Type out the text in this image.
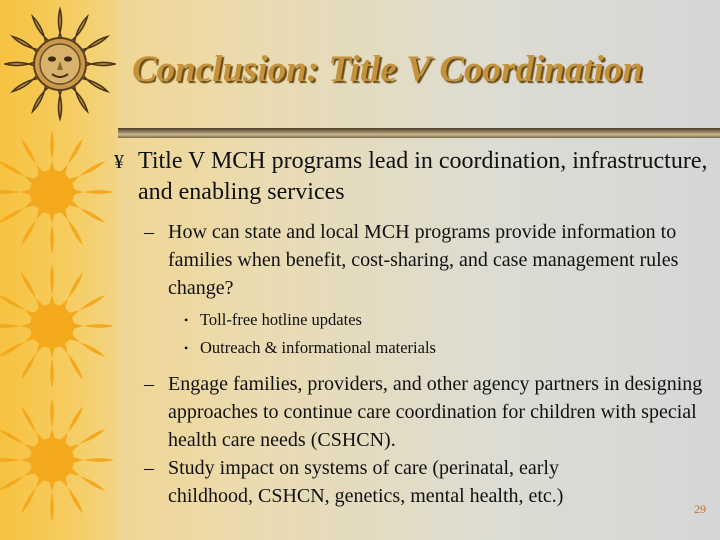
Conclusion: Title V Coordination
¥ Title V MCH programs lead in coordination, infrastructure, and enabling services
– How can state and local MCH programs provide information to families when benefit, cost-sharing, and case management rules change?
• Toll-free hotline updates
• Outreach & informational materials
– Engage families, providers, and other agency partners in designing approaches to continue care coordination for children with special health care needs (CSHCN).
– Study impact on systems of care (perinatal, early childhood, CSHCN, genetics, mental health, etc.)
29
